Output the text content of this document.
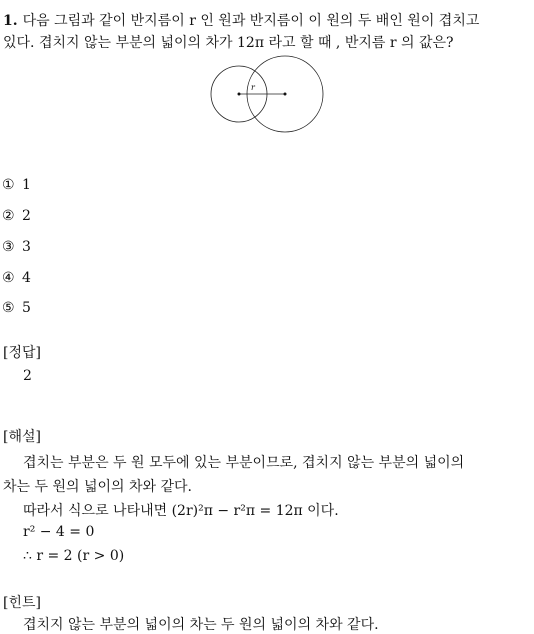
1. 다음 그림과 같이 반지름이 r 인 원과 반지름이 이 원의 두 배인 원이 겹치고
있다. 겹치지 않는 부분의 넓이의 차가 12π 라고 할 때 , 반지름 r 의 값은?
r
① 1
② 2
③ 3
④ 4
⑤ 5
[정답]
2
[해설]
겹치는 부분은 두 원 모두에 있는 부분이므로, 겹치지 않는 부분의 넓이의
차는 두 원의 넓이의 차와 같다.
따라서 식으로 나타내면 (2r)²π − r²π = 12π 이다.
r² − 4 = 0
∴ r = 2 (r > 0)
[힌트]
겹치지 않는 부분의 넓이의 차는 두 원의 넓이의 차와 같다.
